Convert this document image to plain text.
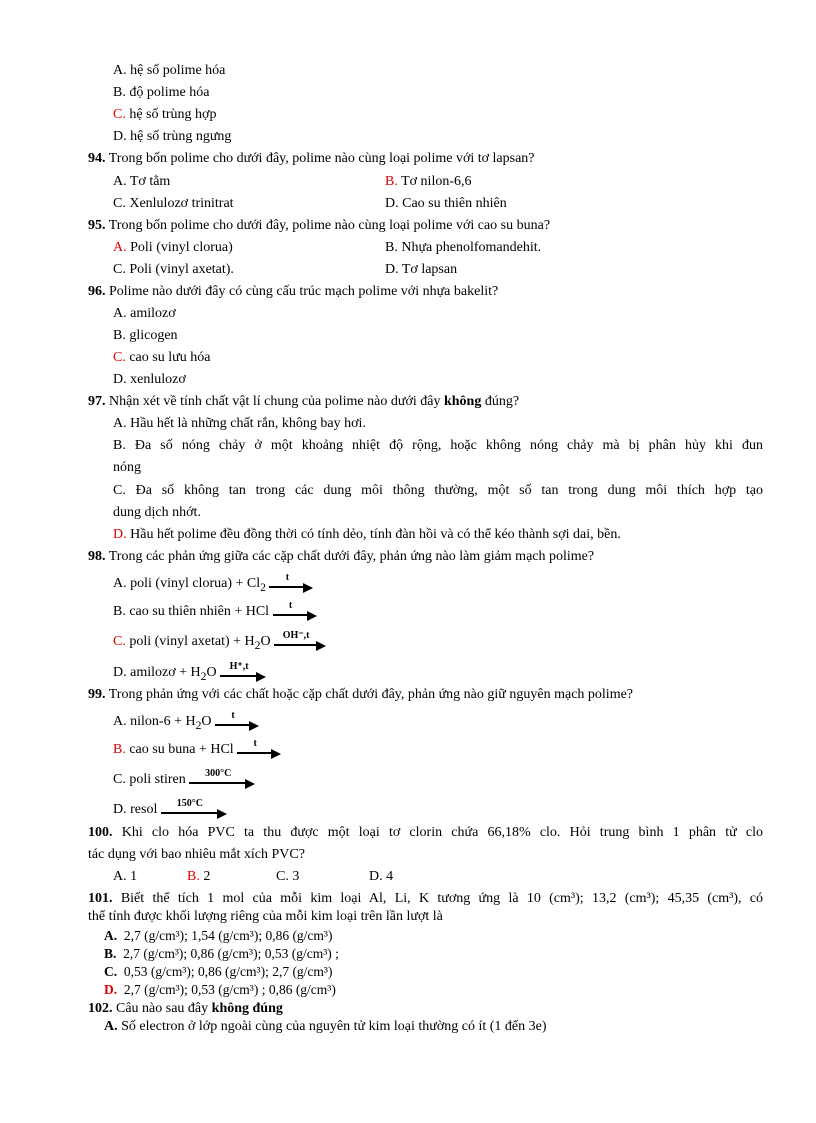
A. hệ số polime hóa
B. độ polime hóa
C. hệ số trùng hợp
D. hệ số trùng ngưng
94. Trong bốn polime cho dưới đây, polime nào cùng loại polime với tơ lapsan?
A. Tơ tằm	B. Tơ nilon-6,6
C. Xenlulozơ trinitrat	D. Cao su thiên nhiên
95. Trong bốn polime cho dưới đây, polime nào cùng loại polime với cao su buna?
A. Poli (vinyl clorua)	B. Nhựa phenolfomandehit.
C. Poli (vinyl axetat).	D. Tơ lapsan
96. Polime nào dưới đây có cùng cấu trúc mạch polime với nhựa bakelit?
A. amilozơ
B. glicogen
C. cao su lưu hóa
D. xenlulozơ
97. Nhận xét về tính chất vật lí chung của polime nào dưới đây không đúng?
A. Hầu hết là những chất rắn, không bay hơi.
B. Đa số nóng chảy ở một khoảng nhiệt độ rộng, hoặc không nóng chảy mà bị phân hủy khi đun
nóng
C. Đa số không tan trong các dung môi thông thường, một số tan trong dung môi thích hợp tạo
dung dịch nhớt.
D. Hầu hết polime đều đồng thời có tính dẻo, tính đàn hồi và có thể kéo thành sợi dai, bền.
98. Trong các phản ứng giữa các cặp chất dưới đây, phản ứng nào làm giảm mạch polime?
A. poli (vinyl clorua) + $Cl_2$
t
B. cao su thiên nhiên + HCl	t
C. poli (vinyl axetat) + $H_2O$	OH⁻,t
D. amilozơ + $H_2O$	H⁺,t
99. Trong phản ứng với các chất hoặc cặp chất dưới đây, phản ứng nào giữ nguyên mạch polime?
A. nilon-6 + $H_2O$	t
B. cao su buna + HCl	t
C. poli stiren	300°C
D. resol	150°C
100. Khi clo hóa PVC ta thu được một loại tơ clorin chứa 66,18% clo. Hỏi trung bình 1 phân tử clo
tác dụng với bao nhiêu mắt xích PVC?
A. 1	B. 2	C. 3	D. 4
101. Biết thể tích 1 mol của mỗi kim loại Al, Li, K tương ứng là 10 (cm³); 13,2 (cm³); 45,35 (cm³), có
thể tính được khối lượng riêng của mỗi kim loại trên lần lượt là
A. 2,7 (g/cm³); 1,54 (g/cm³); 0,86 (g/cm³)
B. 2,7 (g/cm³); 0,86 (g/cm³); 0,53 (g/cm³) ;
C. 0,53 (g/cm³); 0,86 (g/cm³); 2,7 (g/cm³)
D. 2,7 (g/cm³); 0,53 (g/cm³) ; 0,86 (g/cm³)
102. Câu nào sau đây không đúng
A. Số electron ở lớp ngoài cùng của nguyên tử kim loại thường có ít (1 đến 3e)
